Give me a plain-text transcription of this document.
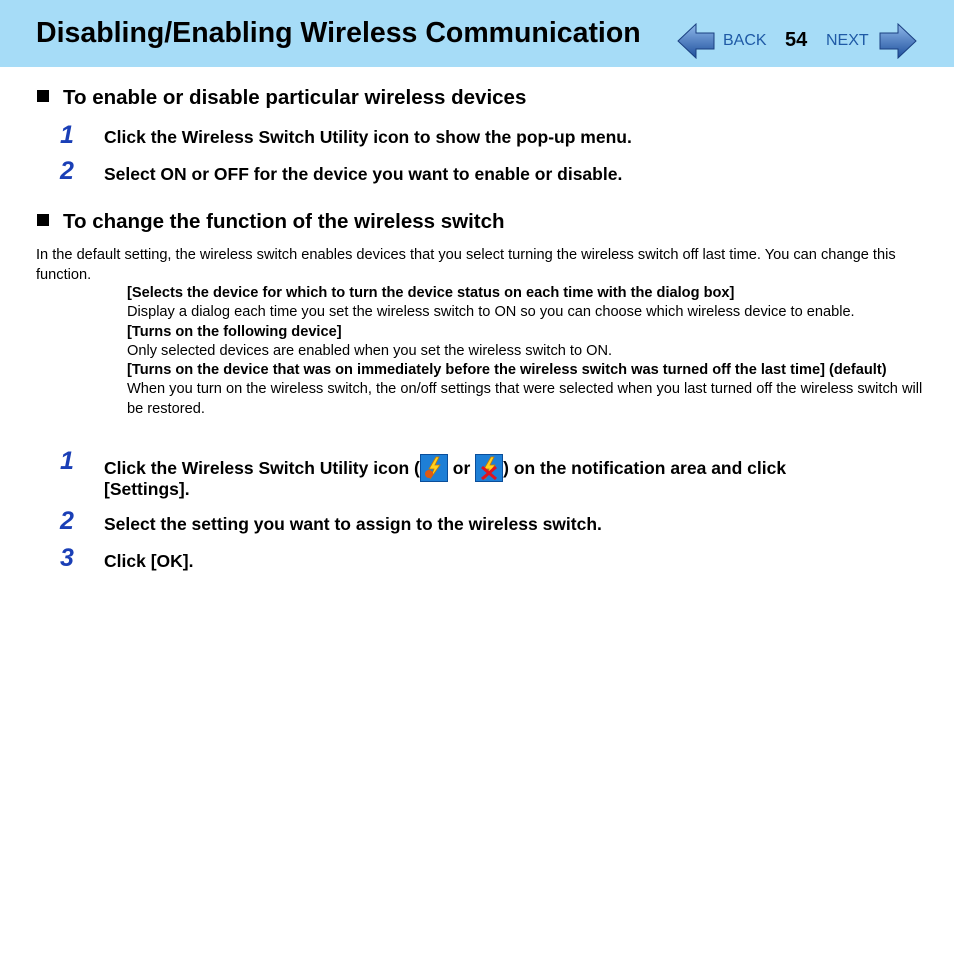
Disabling/Enabling Wireless Communication	BACK 54 NEXT
To enable or disable particular wireless devices
1 Click the Wireless Switch Utility icon to show the pop-up menu.
2 Select ON or OFF for the device you want to enable or disable.
To change the function of the wireless switch
In the default setting, the wireless switch enables devices that you select turning the wireless switch off last time. You can change this function.
[Selects the device for which to turn the device status on each time with the dialog box]
Display a dialog each time you set the wireless switch to ON so you can choose which wireless device to enable.
[Turns on the following device]
Only selected devices are enabled when you set the wireless switch to ON.
[Turns on the device that was on immediately before the wireless switch was turned off the last time] (default)
When you turn on the wireless switch, the on/off settings that were selected when you last turned off the wireless switch will be restored.
1 Click the Wireless Switch Utility icon (
or
) on the notification area and click
[Settings].
2 Select the setting you want to assign to the wireless switch.
3 Click [OK].
